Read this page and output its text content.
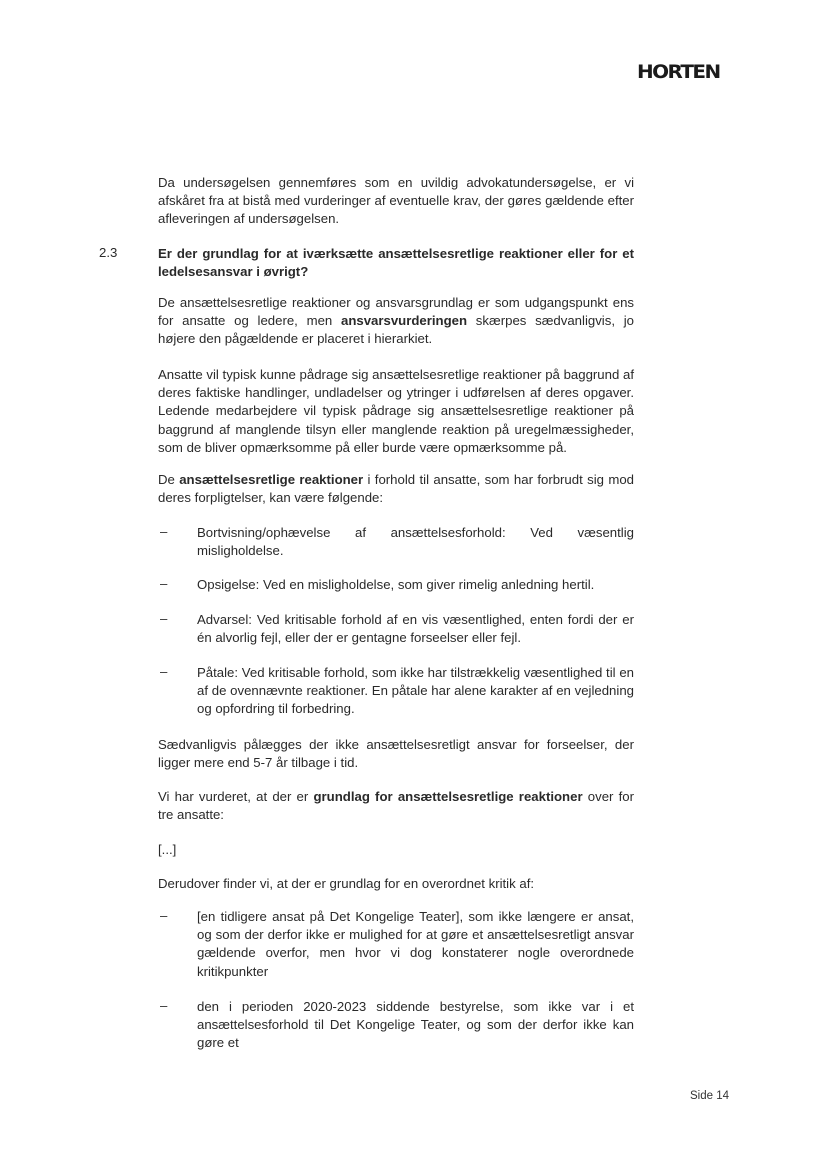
HORTEN

Da undersøgelsen gennemføres som en uvildig advokatundersøgelse, er vi afskåret fra at bistå med vurderinger af eventuelle krav, der gøres gældende efter afleveringen af undersøgelsen.

2.3	Er der grundlag for at iværksætte ansættelsesretlige reaktioner eller for et ledelsesansvar i øvrigt?

De ansættelsesretlige reaktioner og ansvarsgrundlag er som udgangspunkt ens for ansatte og ledere, men ansvarsvurderingen skærpes sædvanligvis, jo højere den pågældende er placeret i hierarkiet.

Ansatte vil typisk kunne pådrage sig ansættelsesretlige reaktioner på baggrund af deres faktiske handlinger, undladelser og ytringer i udførelsen af deres opgaver. Ledende medarbejdere vil typisk pådrage sig ansættelsesretlige reaktioner på baggrund af manglende tilsyn eller manglende reaktion på uregelmæssigheder, som de bliver opmærksomme på eller burde være opmærksomme på.

De ansættelsesretlige reaktioner i forhold til ansatte, som har forbrudt sig mod deres forpligtelser, kan være følgende:

– Bortvisning/ophævelse af ansættelsesforhold: Ved væsentlig misligholdelse.

– Opsigelse: Ved en misligholdelse, som giver rimelig anledning hertil.

– Advarsel: Ved kritisable forhold af en vis væsentlighed, enten fordi der er én alvorlig fejl, eller der er gentagne forseelser eller fejl.

– Påtale: Ved kritisable forhold, som ikke har tilstrækkelig væsentlighed til en af de ovennævnte reaktioner. En påtale har alene karakter af en vejledning og opfordring til forbedring.

Sædvanligvis pålægges der ikke ansættelsesretligt ansvar for forseelser, der ligger mere end 5-7 år tilbage i tid.

Vi har vurderet, at der er grundlag for ansættelsesretlige reaktioner over for tre ansatte:

[...]

Derudover finder vi, at der er grundlag for en overordnet kritik af:

– [en tidligere ansat på Det Kongelige Teater], som ikke længere er ansat, og som der derfor ikke er mulighed for at gøre et ansættelsesretligt ansvar gældende overfor, men hvor vi dog konstaterer nogle overordnede kritikpunkter

– den i perioden 2020-2023 siddende bestyrelse, som ikke var i et ansættelsesforhold til Det Kongelige Teater, og som der derfor ikke kan gøre et

Side 14
